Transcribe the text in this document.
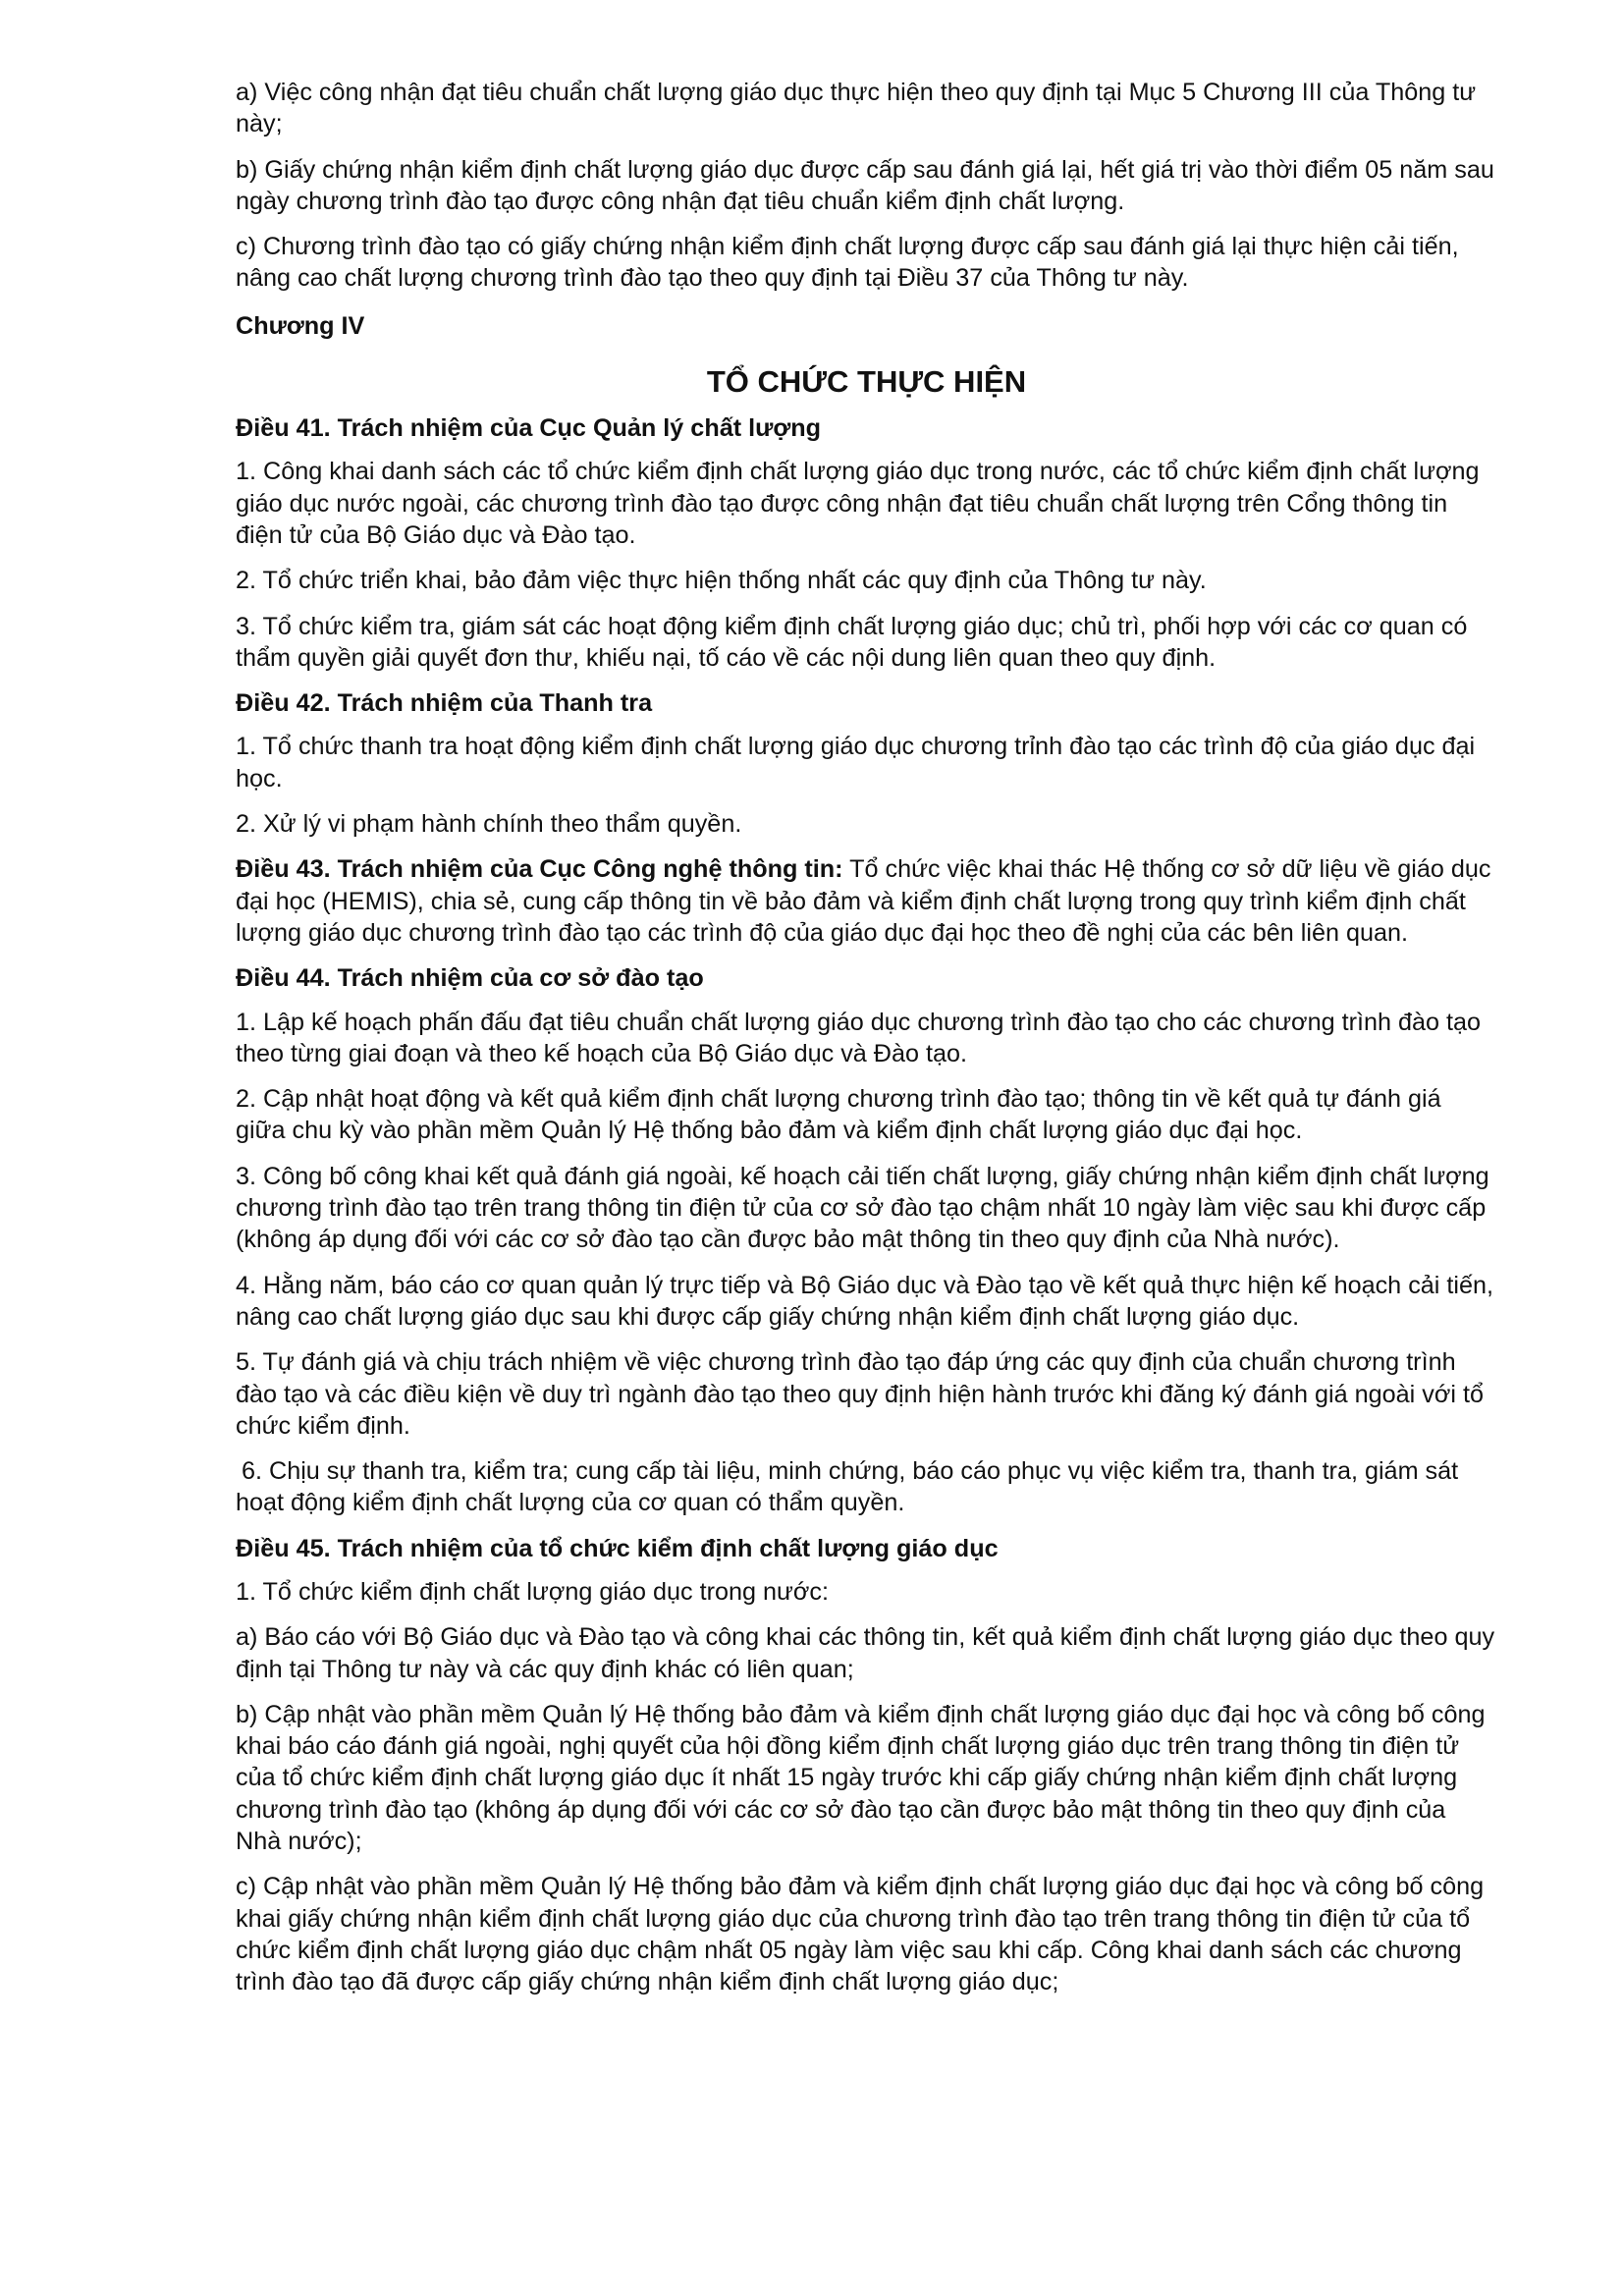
a) Việc công nhận đạt tiêu chuẩn chất lượng giáo dục thực hiện theo quy định tại Mục 5 Chương III của Thông tư này;

b) Giấy chứng nhận kiểm định chất lượng giáo dục được cấp sau đánh giá lại, hết giá trị vào thời điểm 05 năm sau ngày chương trình đào tạo được công nhận đạt tiêu chuẩn kiểm định chất lượng.

c) Chương trình đào tạo có giấy chứng nhận kiểm định chất lượng được cấp sau đánh giá lại thực hiện cải tiến, nâng cao chất lượng chương trình đào tạo theo quy định tại Điều 37 của Thông tư này.

Chương IV
TỔ CHỨC THỰC HIỆN
Điều 41. Trách nhiệm của Cục Quản lý chất lượng

1. Công khai danh sách các tổ chức kiểm định chất lượng giáo dục trong nước, các tổ chức kiểm định chất lượng giáo dục nước ngoài, các chương trình đào tạo được công nhận đạt tiêu chuẩn chất lượng trên Cổng thông tin điện tử của Bộ Giáo dục và Đào tạo.

2. Tổ chức triển khai, bảo đảm việc thực hiện thống nhất các quy định của Thông tư này.

3. Tổ chức kiểm tra, giám sát các hoạt động kiểm định chất lượng giáo dục; chủ trì, phối hợp với các cơ quan có thẩm quyền giải quyết đơn thư, khiếu nại, tố cáo về các nội dung liên quan theo quy định.

Điều 42. Trách nhiệm của Thanh tra

1. Tổ chức thanh tra hoạt động kiểm định chất lượng giáo dục chương trỉnh đào tạo các trình độ của giáo dục đại học.

2. Xử lý vi phạm hành chính theo thẩm quyền.

Điều 43. Trách nhiệm của Cục Công nghệ thông tin: Tổ chức việc khai thác Hệ thống cơ sở dữ liệu về giáo dục đại học (HEMIS), chia sẻ, cung cấp thông tin về bảo đảm và kiểm định chất lượng trong quy trình kiểm định chất lượng giáo dục chương trình đào tạo các trình độ của giáo dục đại học theo đề nghị của các bên liên quan.

Điều 44. Trách nhiệm của cơ sở đào tạo

1. Lập kế hoạch phấn đấu đạt tiêu chuẩn chất lượng giáo dục chương trình đào tạo cho các chương trình đào tạo theo từng giai đoạn và theo kế hoạch của Bộ Giáo dục và Đào tạo.

2. Cập nhật hoạt động và kết quả kiểm định chất lượng chương trình đào tạo; thông tin về kết quả tự đánh giá giữa chu kỳ vào phần mềm Quản lý Hệ thống bảo đảm và kiểm định chất lượng giáo dục đại học.

3. Công bố công khai kết quả đánh giá ngoài, kế hoạch cải tiến chất lượng, giấy chứng nhận kiểm định chất lượng chương trình đào tạo trên trang thông tin điện tử của cơ sở đào tạo chậm nhất 10 ngày làm việc sau khi được cấp (không áp dụng đối với các cơ sở đào tạo cần được bảo mật thông tin theo quy định của Nhà nước).

4. Hằng năm, báo cáo cơ quan quản lý trực tiếp và Bộ Giáo dục và Đào tạo về kết quả thực hiện kế hoạch cải tiến, nâng cao chất lượng giáo dục sau khi được cấp giấy chứng nhận kiểm định chất lượng giáo dục.

5. Tự đánh giá và chịu trách nhiệm về việc chương trình đào tạo đáp ứng các quy định của chuẩn chương trình đào tạo và các điều kiện về duy trì ngành đào tạo theo quy định hiện hành trước khi đăng ký đánh giá ngoài với tổ chức kiểm định.

6. Chịu sự thanh tra, kiểm tra; cung cấp tài liệu, minh chứng, báo cáo phục vụ việc kiểm tra, thanh tra, giám sát hoạt động kiểm định chất lượng của cơ quan có thẩm quyền.

Điều 45. Trách nhiệm của tổ chức kiểm định chất lượng giáo dục

1. Tổ chức kiểm định chất lượng giáo dục trong nước:

a) Báo cáo với Bộ Giáo dục và Đào tạo và công khai các thông tin, kết quả kiểm định chất lượng giáo dục theo quy định tại Thông tư này và các quy định khác có liên quan;

b) Cập nhật vào phần mềm Quản lý Hệ thống bảo đảm và kiểm định chất lượng giáo dục đại học và công bố công khai báo cáo đánh giá ngoài, nghị quyết của hội đồng kiểm định chất lượng giáo dục trên trang thông tin điện tử của tổ chức kiểm định chất lượng giáo dục ít nhất 15 ngày trước khi cấp giấy chứng nhận kiểm định chất lượng chương trình đào tạo (không áp dụng đối với các cơ sở đào tạo cần được bảo mật thông tin theo quy định của Nhà nước);

c) Cập nhật vào phần mềm Quản lý Hệ thống bảo đảm và kiểm định chất lượng giáo dục đại học và công bố công khai giấy chứng nhận kiểm định chất lượng giáo dục của chương trình đào tạo trên trang thông tin điện tử của tổ chức kiểm định chất lượng giáo dục chậm nhất 05 ngày làm việc sau khi cấp. Công khai danh sách các chương trình đào tạo đã được cấp giấy chứng nhận kiểm định chất lượng giáo dục;
